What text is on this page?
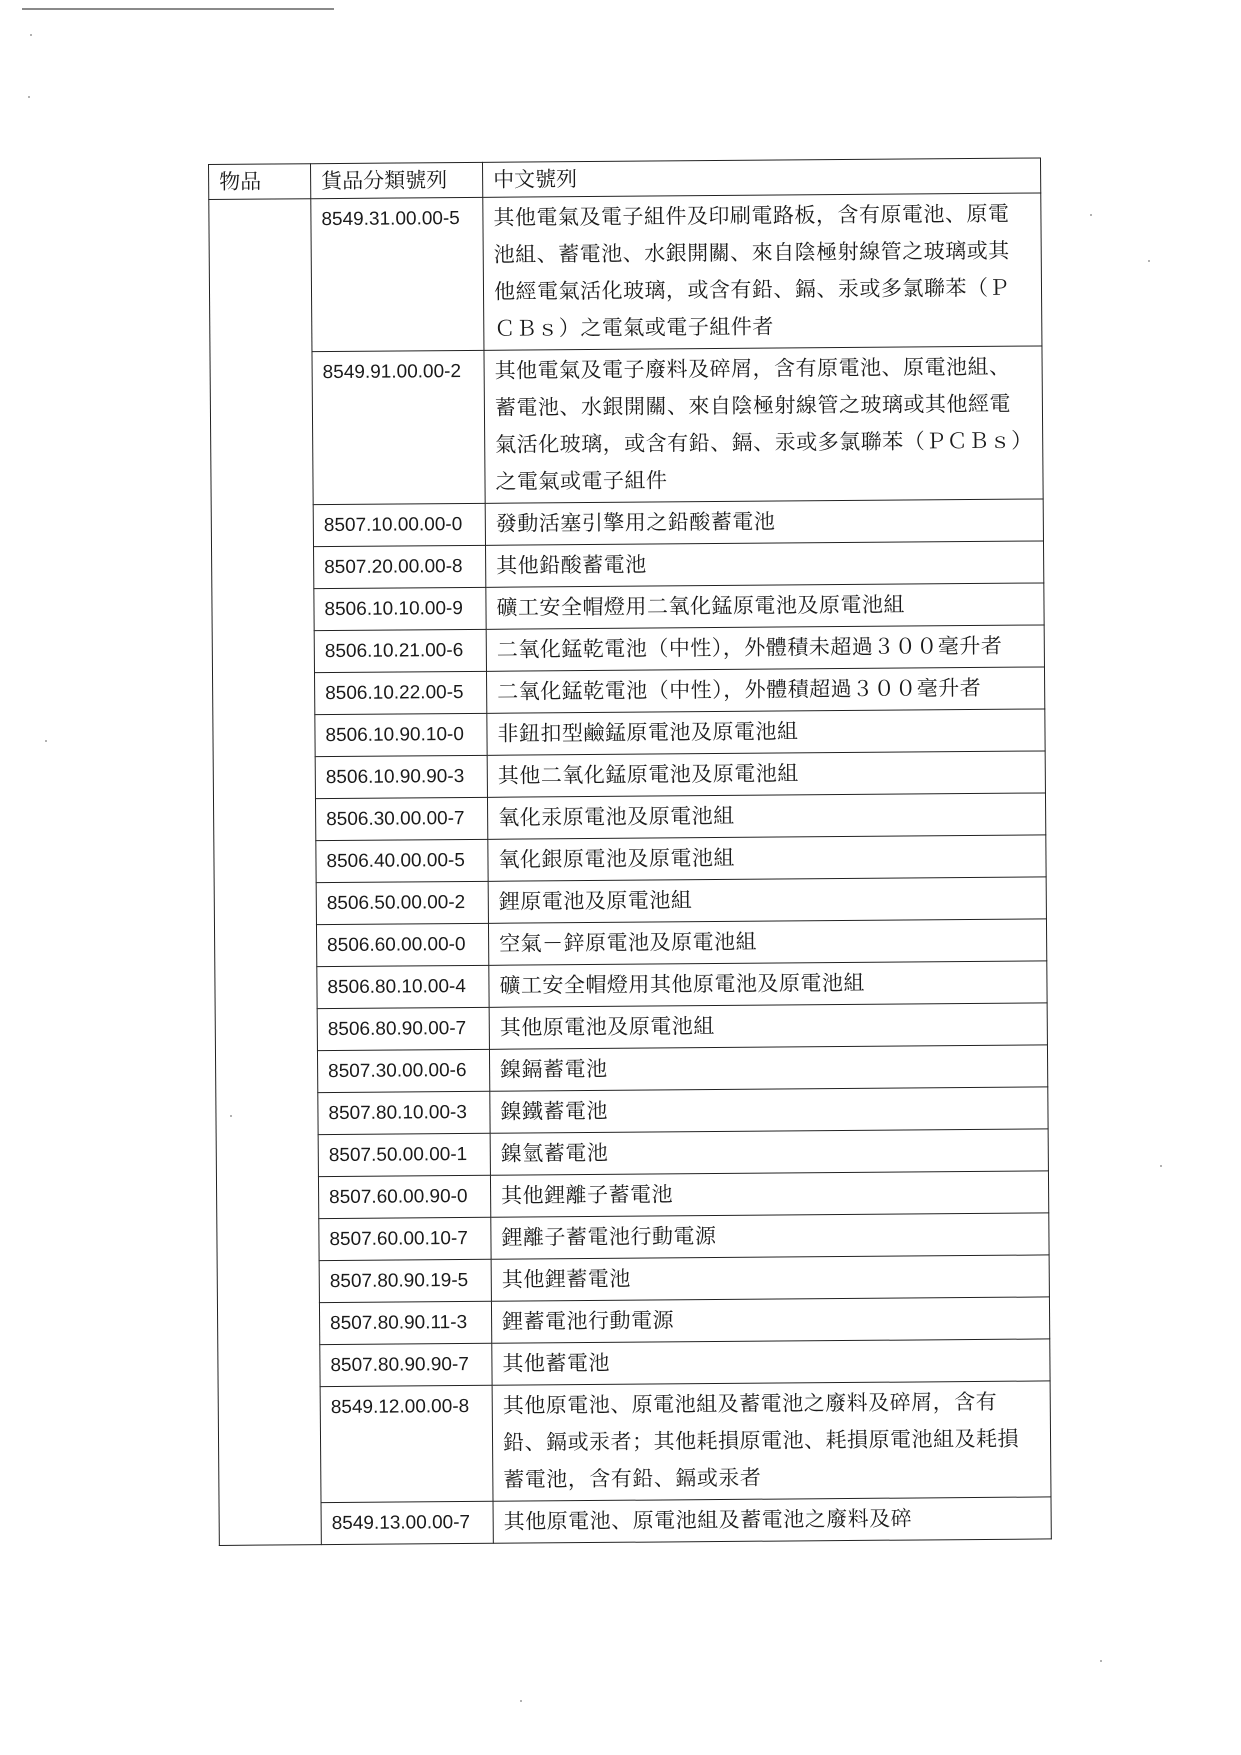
物品	貨品分類號列	中文號列
	8549.31.00.00-5	其他電氣及電子組件及印刷電路板，含有原電池、原電池組、蓄電池、水銀開關、來自陰極射線管之玻璃或其他經電氣活化玻璃，或含有鉛、鎘、汞或多氯聯苯（ＰＣＢｓ）之電氣或電子組件者
	8549.91.00.00-2	其他電氣及電子廢料及碎屑，含有原電池、原電池組、蓄電池、水銀開關、來自陰極射線管之玻璃或其他經電氣活化玻璃，或含有鉛、鎘、汞或多氯聯苯（ＰＣＢｓ）之電氣或電子組件
	8507.10.00.00-0	發動活塞引擎用之鉛酸蓄電池
	8507.20.00.00-8	其他鉛酸蓄電池
	8506.10.10.00-9	礦工安全帽燈用二氧化錳原電池及原電池組
	8506.10.21.00-6	二氧化錳乾電池（中性），外體積未超過３００毫升者
	8506.10.22.00-5	二氧化錳乾電池（中性），外體積超過３００毫升者
	8506.10.90.10-0	非鈕扣型鹼錳原電池及原電池組
	8506.10.90.90-3	其他二氧化錳原電池及原電池組
	8506.30.00.00-7	氧化汞原電池及原電池組
	8506.40.00.00-5	氧化銀原電池及原電池組
	8506.50.00.00-2	鋰原電池及原電池組
	8506.60.00.00-0	空氣－鋅原電池及原電池組
	8506.80.10.00-4	礦工安全帽燈用其他原電池及原電池組
	8506.80.90.00-7	其他原電池及原電池組
	8507.30.00.00-6	鎳鎘蓄電池
	8507.80.10.00-3	鎳鐵蓄電池
	8507.50.00.00-1	鎳氫蓄電池
	8507.60.00.90-0	其他鋰離子蓄電池
	8507.60.00.10-7	鋰離子蓄電池行動電源
	8507.80.90.19-5	其他鋰蓄電池
	8507.80.90.11-3	鋰蓄電池行動電源
	8507.80.90.90-7	其他蓄電池
	8549.12.00.00-8	其他原電池、原電池組及蓄電池之廢料及碎屑，含有鉛、鎘或汞者；其他耗損原電池、耗損原電池組及耗損蓄電池，含有鉛、鎘或汞者
	8549.13.00.00-7	其他原電池、原電池組及蓄電池之廢料及碎
